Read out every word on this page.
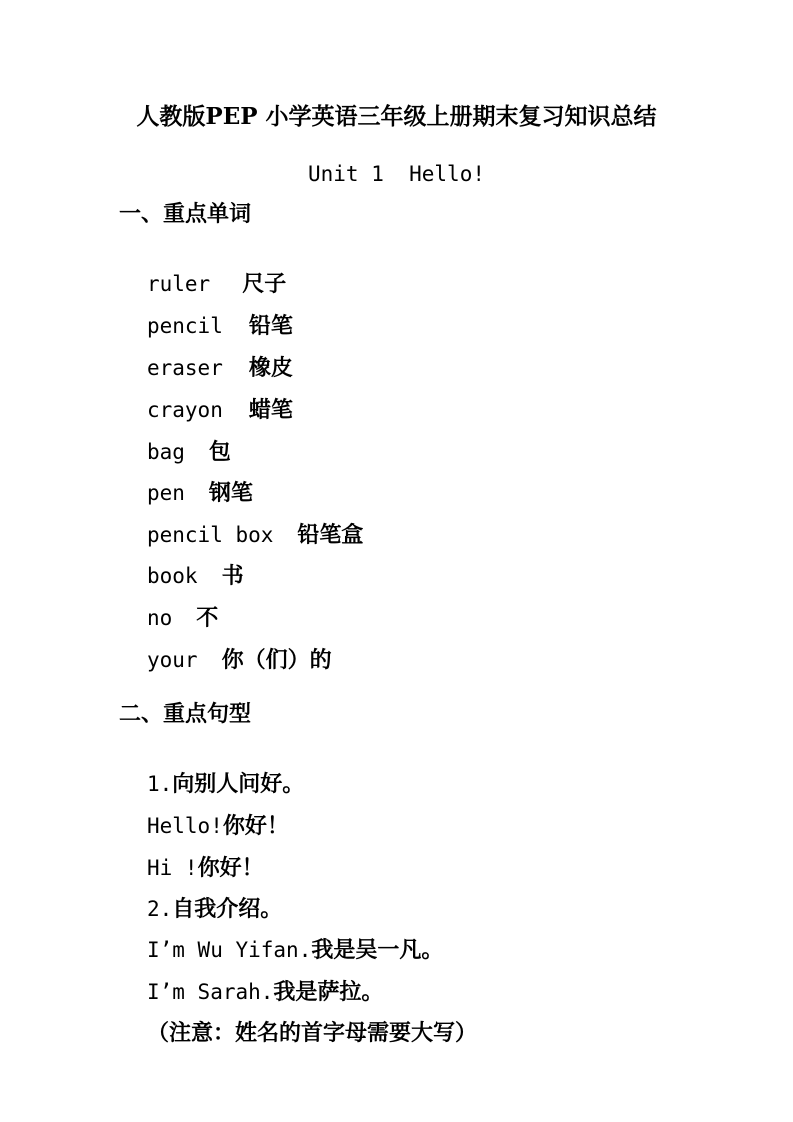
人教版PEP 小学英语三年级上册期末复习知识总结
Unit 1  Hello!
一、重点单词

ruler 尺子

pencil 铅笔

eraser 橡皮

crayon 蜡笔

bag 包

pen 钢笔

pencil box 铅笔盒

book 书

no 不

your 你（们）的

二、重点句型

1.向别人问好。

Hello!你好！

Hi !你好！

2.自我介绍。

I’m Wu Yifan.我是吴一凡。

I’m Sarah.我是萨拉。

（注意：姓名的首字母需要大写）
